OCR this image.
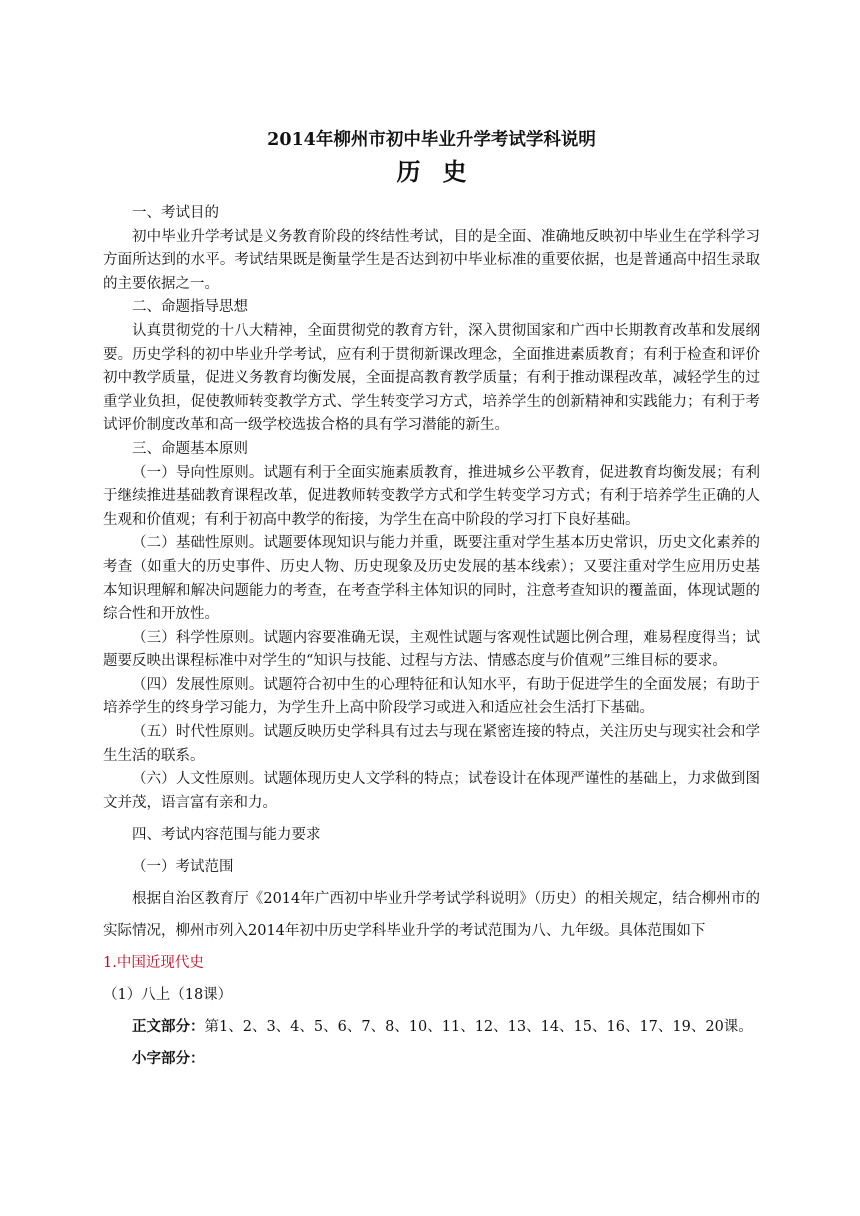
2014年柳州市初中毕业升学考试学科说明
历史

一、考试目的

初中毕业升学考试是义务教育阶段的终结性考试，目的是全面、准确地反映初中毕业生在学科学习方面所达到的水平。考试结果既是衡量学生是否达到初中毕业标准的重要依据，也是普通高中招生录取的主要依据之一。

二、命题指导思想

认真贯彻党的十八大精神，全面贯彻党的教育方针，深入贯彻国家和广西中长期教育改革和发展纲要。历史学科的初中毕业升学考试，应有利于贯彻新课改理念，全面推进素质教育；有利于检查和评价初中教学质量，促进义务教育均衡发展，全面提高教育教学质量；有利于推动课程改革，减轻学生的过重学业负担，促使教师转变教学方式、学生转变学习方式，培养学生的创新精神和实践能力；有利于考试评价制度改革和高一级学校选拔合格的具有学习潜能的新生。

三、命题基本原则

（一）导向性原则。试题有利于全面实施素质教育，推进城乡公平教育，促进教育均衡发展；有利于继续推进基础教育课程改革，促进教师转变教学方式和学生转变学习方式；有利于培养学生正确的人生观和价值观；有利于初高中教学的衔接，为学生在高中阶段的学习打下良好基础。

（二）基础性原则。试题要体现知识与能力并重，既要注重对学生基本历史常识，历史文化素养的考查（如重大的历史事件、历史人物、历史现象及历史发展的基本线索）；又要注重对学生应用历史基本知识理解和解决问题能力的考查，在考查学科主体知识的同时，注意考查知识的覆盖面，体现试题的综合性和开放性。

（三）科学性原则。试题内容要准确无误，主观性试题与客观性试题比例合理，难易程度得当；试题要反映出课程标准中对学生的“知识与技能、过程与方法、情感态度与价值观”三维目标的要求。

（四）发展性原则。试题符合初中生的心理特征和认知水平，有助于促进学生的全面发展；有助于培养学生的终身学习能力，为学生升上高中阶段学习或进入和适应社会生活打下基础。

（五）时代性原则。试题反映历史学科具有过去与现在紧密连接的特点，关注历史与现实社会和学生生活的联系。

（六）人文性原则。试题体现历史人文学科的特点；试卷设计在体现严谨性的基础上，力求做到图文并茂，语言富有亲和力。

四、考试内容范围与能力要求

（一）考试范围

根据自治区教育厅《2014年广西初中毕业升学考试学科说明》（历史）的相关规定，结合柳州市的实际情况，柳州市列入2014年初中历史学科毕业升学的考试范围为八、九年级。具体范围如下

1.中国近现代史

（1）八上（18课）

正文部分：第1、2、3、4、5、6、7、8、10、11、12、13、14、15、16、17、19、20课。

小字部分：
